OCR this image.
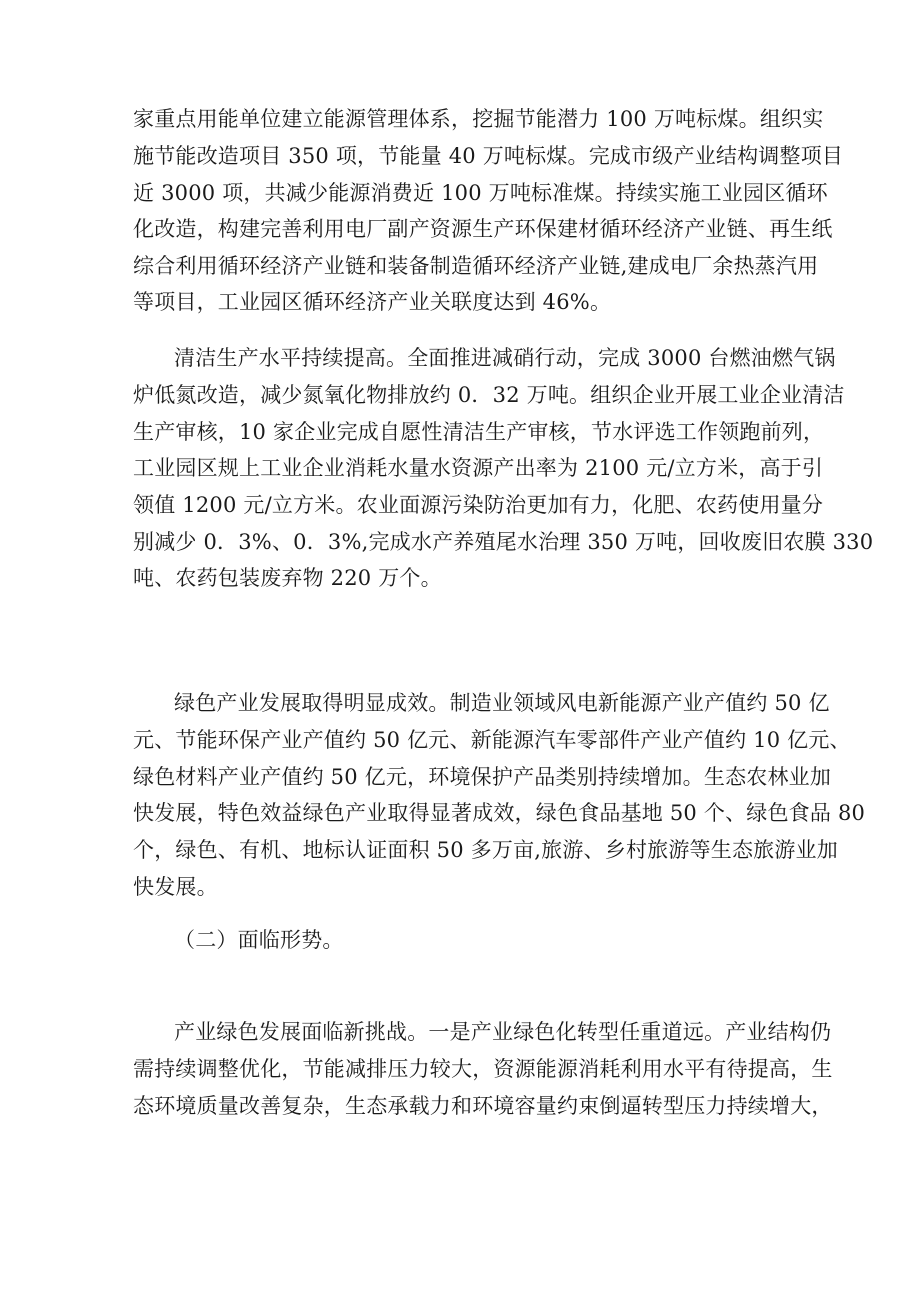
家重点用能单位建立能源管理体系，挖掘节能潜力 100 万吨标煤。组织实
施节能改造项目 350 项，节能量 40 万吨标煤。完成市级产业结构调整项目
近 3000 项，共减少能源消费近 100 万吨标准煤。持续实施工业园区循环
化改造，构建完善利用电厂副产资源生产环保建材循环经济产业链、再生纸
综合利用循环经济产业链和装备制造循环经济产业链,建成电厂余热蒸汽用
等项目，工业园区循环经济产业关联度达到 46%。
清洁生产水平持续提高。全面推进减硝行动，完成 3000 台燃油燃气锅
炉低氮改造，减少氮氧化物排放约 0．32 万吨。组织企业开展工业企业清洁
生产审核，10 家企业完成自愿性清洁生产审核，节水评选工作领跑前列，
工业园区规上工业企业消耗水量水资源产出率为 2100 元/立方米，高于引
领值 1200 元/立方米。农业面源污染防治更加有力，化肥、农药使用量分
别减少 0．3%、0．3%,完成水产养殖尾水治理 350 万吨，回收废旧农膜 330
吨、农药包装废弃物 220 万个。
绿色产业发展取得明显成效。制造业领域风电新能源产业产值约 50 亿
元、节能环保产业产值约 50 亿元、新能源汽车零部件产业产值约 10 亿元、
绿色材料产业产值约 50 亿元，环境保护产品类别持续增加。生态农林业加
快发展，特色效益绿色产业取得显著成效，绿色食品基地 50 个、绿色食品 80
个，绿色、有机、地标认证面积 50 多万亩,旅游、乡村旅游等生态旅游业加
快发展。
（二）面临形势。
产业绿色发展面临新挑战。一是产业绿色化转型任重道远。产业结构仍
需持续调整优化，节能减排压力较大，资源能源消耗利用水平有待提高，生
态环境质量改善复杂，生态承载力和环境容量约束倒逼转型压力持续增大，
